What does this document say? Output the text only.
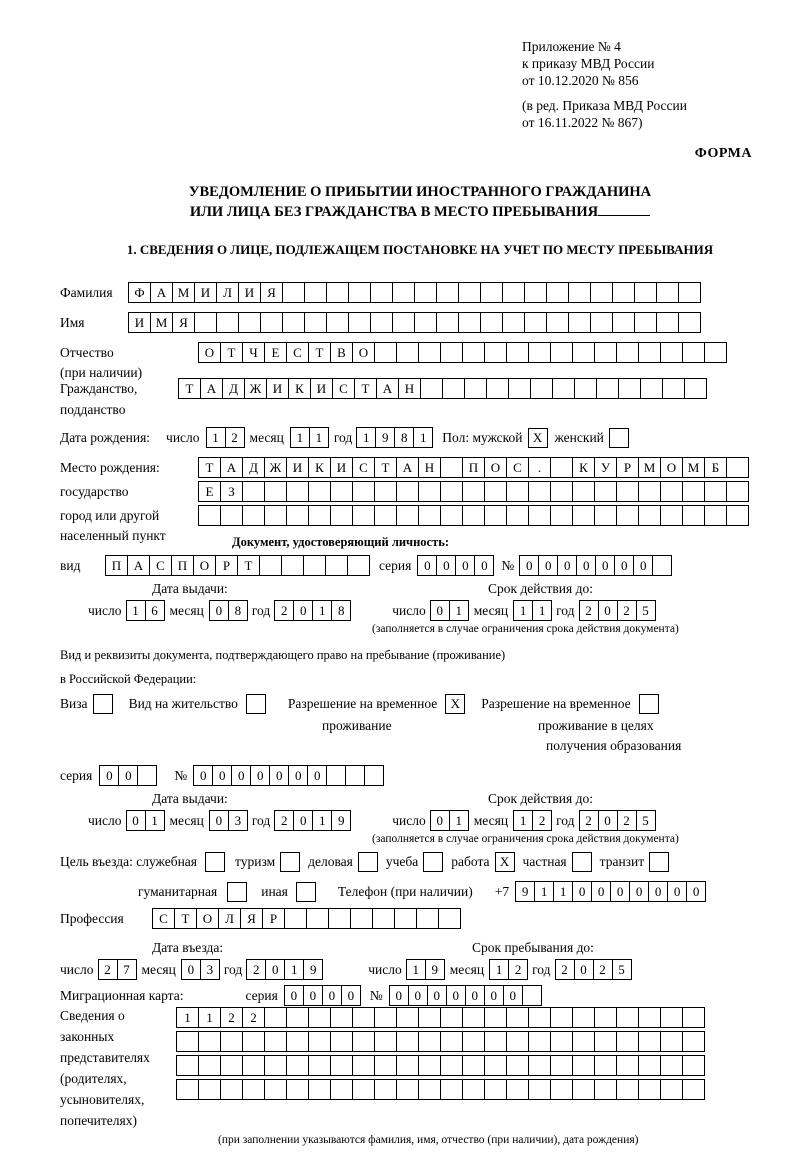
Приложение № 4
к приказу МВД России
от 10.12.2020 № 856
(в ред. Приказа МВД России
от 16.11.2022 № 867)
ФОРМА
УВЕДОМЛЕНИЕ О ПРИБЫТИИ ИНОСТРАННОГО ГРАЖДАНИНА
ИЛИ ЛИЦА БЕЗ ГРАЖДАНСТВА В МЕСТО ПРЕБЫВАНИЯ
1. СВЕДЕНИЯ О ЛИЦЕ, ПОДЛЕЖАЩЕМ ПОСТАНОВКЕ НА УЧЕТ ПО МЕСТУ ПРЕБЫВАНИЯ
Фамилия	Ф А М И Л И Я
Имя	И М Я
Отчество	О	Т	Ч	Е	С	Т	В О
(при наличии)
Гражданство,	Т	А Д Ж И К И С	Т	А Н
подданство
Дата рождения: число 1 2 месяц 1 1 год 1 9 8 1	Пол: мужской X женский
Место рождения:	Т	А Д Ж И К И С	Т	А Н	П О С	.	К	У	Р М О М Б
государство	Е	З
город или другой
населенный пункт	Документ, удостоверяющий личность:
вид	П А С П О	Р	Т	серия 0 0 0 0	№ 0 0 0 0 0 0 0
Дата выдачи:	Срок действия до:
число 1 6 месяц 0 8 год 2 0 1 8	число 0 1 месяц 1 1 год 2 0 2 5
(заполняется в случае ограничения срока действия документа)
Вид и реквизиты документа, подтверждающего право на пребывание (проживание)
в Российской Федерации:
Виза	Вид на жительство	Разрешение на временное	X	Разрешение на временное
проживание	проживание в целях
получения образования
серия	0 0	№ 0 0 0 0 0 0 0
Дата выдачи:	Срок действия до:
число 0 1 месяц 0 3 год 2 0 1 9	число 0 1 месяц 1 2 год 2 0 2 5
(заполняется в случае ограничения срока действия документа)
Цель въезда: служебная	туризм деловая учеба работа X частная транзит
гуманитарная	иная	Телефон (при наличии) +7 9 1 1 0 0 0 0 0 0 0
Профессия	С	Т	О Л	Я	Р
Дата въезда:	Срок пребывания до:
число 2 7 месяц 0 3 год 2 0 1 9	число 1 9 месяц 1 2 год 2 0 2 5
Миграционная карта:	серия 0 0 0 0	№ 0 0 0 0 0 0 0
Сведения о
законных
представителях
(родителях,
усыновителях,
попечителях)
1	1	2	2
(при заполнении указываются фамилия, имя, отчество (при наличии), дата рождения)
